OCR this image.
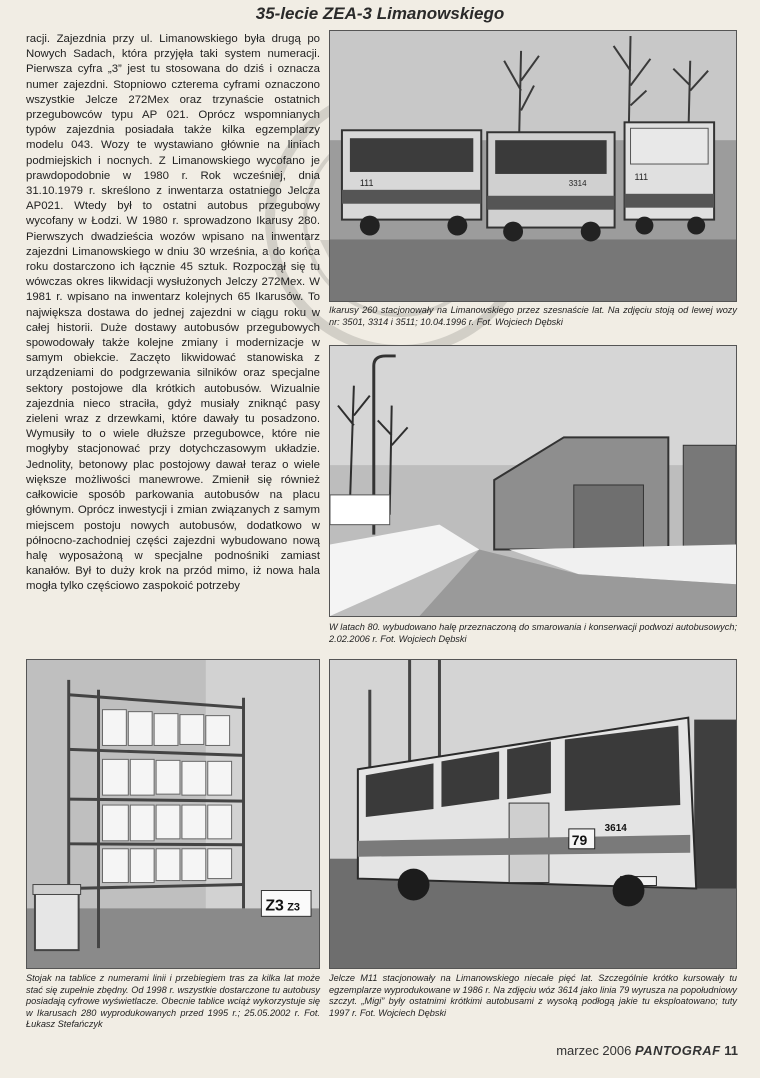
35-lecie ZEA-3 Limanowskiego

racji. Zajezdnia przy ul. Limanowskiego była drugą po Nowych Sadach, która przyjęła taki system numeracji. Pierwsza cyfra „3” jest tu stosowana do dziś i oznacza numer zajezdni. Stopniowo czterema cyframi oznaczono wszystkie Jelcze 272Mex oraz trzynaście ostatnich przegubowców typu AP 021. Oprócz wspomnianych typów zajezdnia posiadała także kilka egzemplarzy modelu 043. Wozy te wystawiano głównie na liniach podmiejskich i nocnych. Z Limanowskiego wycofano je prawdopodobnie w 1980 r. Rok wcześniej, dnia 31.10.1979 r. skreślono z inwentarza ostatniego Jelcza AP021. Wtedy był to ostatni autobus przegubowy wycofany w Łodzi. W 1980 r. sprowadzono Ikarusy 280. Pierwszych dwadzieścia wozów wpisano na inwentarz zajezdni Limanowskiego w dniu 30 września, a do końca roku dostarczono ich łącznie 45 sztuk. Rozpoczął się tu wówczas okres likwidacji wysłużonych Jelczy 272Mex. W 1981 r. wpisano na inwentarz kolejnych 65 Ikarusów. To największa dostawa do jednej zajezdni w ciągu roku w całej historii. Duże dostawy autobusów przegubowych spowodowały także kolejne zmiany i modernizacje w samym obiekcie. Zaczęto likwidować stanowiska z urządzeniami do podgrzewania silników oraz specjalne sektory postojowe dla krótkich autobusów. Wizualnie zajezdnia nieco straciła, gdyż musiały zniknąć pasy zieleni wraz z drzewkami, które dawały tu posadzono. Wymusiły to o wiele dłuższe przegubowce, które nie mogłyby stacjonować przy dotychczasowym układzie. Jednolity, betonowy plac postojowy dawał teraz o wiele większe możliwości manewrowe. Zmienił się również całkowicie sposób parkowania autobusów na placu głównym. Oprócz inwestycji i zmian związanych z samym miejscem postoju nowych autobusów, dodatkowo w północno-zachodniej części zajezdni wybudowano nową halę wyposażoną w specjalne podnośniki zamiast kanałów. Był to duży krok na przód mimo, iż nowa hala mogła tylko częściowo zaspokoić potrzeby

111	3314
111
Ikarusy 260 stacjonowały na Limanowskiego przez szesnaście lat. Na zdjęciu stoją od lewej wozy nr: 3501, 3314 i 3511; 10.04.1996 r. Fot. Wojciech Dębski
W latach 80. wybudowano halę przeznaczoną do smarowania i konserwacji podwozi autobusowych; 2.02.2006 r. Fot. Wojciech Dębski
Z3 Z3
Stojak na tablice z numerami linii i przebiegiem tras za kilka lat może stać się zupełnie zbędny. Od 1998 r. wszystkie dostarczone tu autobusy posiadają cyfrowe wyświetlacze. Obecnie tablice wciąż wykorzystuje się w Ikarusach 280 wyprodukowanych przed 1995 r.; 25.05.2002 r. Fot. Łukasz Stefańczyk
79
3614
Jelcze M11 stacjonowały na Limanowskiego niecałe pięć lat. Szczególnie krótko kursowały tu egzemplarze wyprodukowane w 1986 r. Na zdjęciu wóz 3614 jako linia 79 wyrusza na popołudniowy szczyt. „Migi” były ostatnimi krótkimi autobusami z wysoką podłogą jakie tu eksploatowano; tuty 1997 r. Fot. Wojciech Dębski
marzec 2006 PANTOGRAF 11
